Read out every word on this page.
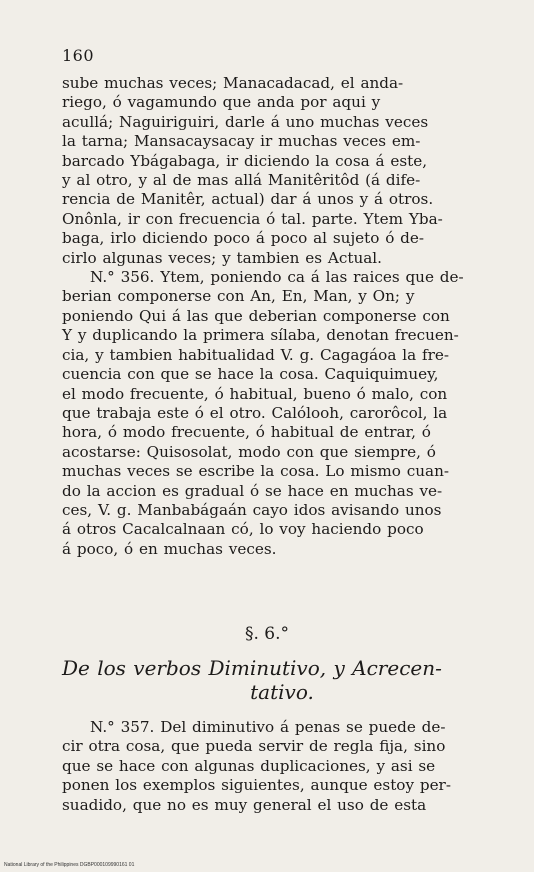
160
sube muchas veces; Manacadacad, el anda-
riego, ó vagamundo que anda por aqui y
acullá; Naguiriguiri, darle á uno muchas veces
la tarna; Mansacaysacay ir muchas veces em-
barcado Ybágabaga, ir diciendo la cosa á este,
y al otro, y al de mas allá Manitêritôd (á dife-
rencia de Manitêr, actual) dar á unos y á otros.
Onônla, ir con frecuencia ó tal. parte. Ytem Yba-
baga, irlo diciendo poco á poco al sujeto ó de-
cirlo algunas veces; y tambien es Actual.
N.° 356. Ytem, poniendo ca á las raices que de-
berian componerse con An, En, Man, y On; y
poniendo Qui á las que deberian componerse con
Y y duplicando la primera sílaba, denotan frecuen-
cia, y tambien habitualidad V. g. Cagagáoa la fre-
cuencia con que se hace la cosa. Caquiquimuey,
el modo frecuente, ó habitual, bueno ó malo, con
que trabaja este ó el otro. Calólooh, carorôcol, la
hora, ó modo frecuente, ó habitual de entrar, ó
acostarse: Quisosolat, modo con que siempre, ó
muchas veces se escribe la cosa. Lo mismo cuan-
do la accion es gradual ó se hace en muchas ve-
ces, V. g. Manbabágaán cayo idos avisando unos
á otros Cacalcalnaan có, lo voy haciendo poco
á poco, ó en muchas veces.
§. 6.°
De los verbos Diminutivo, y Acrecen-
tativo.
N.° 357. Del diminutivo á penas se puede de-
cir otra cosa, que pueda servir de regla fija, sino
que se hace con algunas duplicaciones, y asi se
ponen los exemplos siguientes, aunque estoy per-
suadido, que no es muy general el uso de esta
National Library of the Philippines DGBP000109990161 01
